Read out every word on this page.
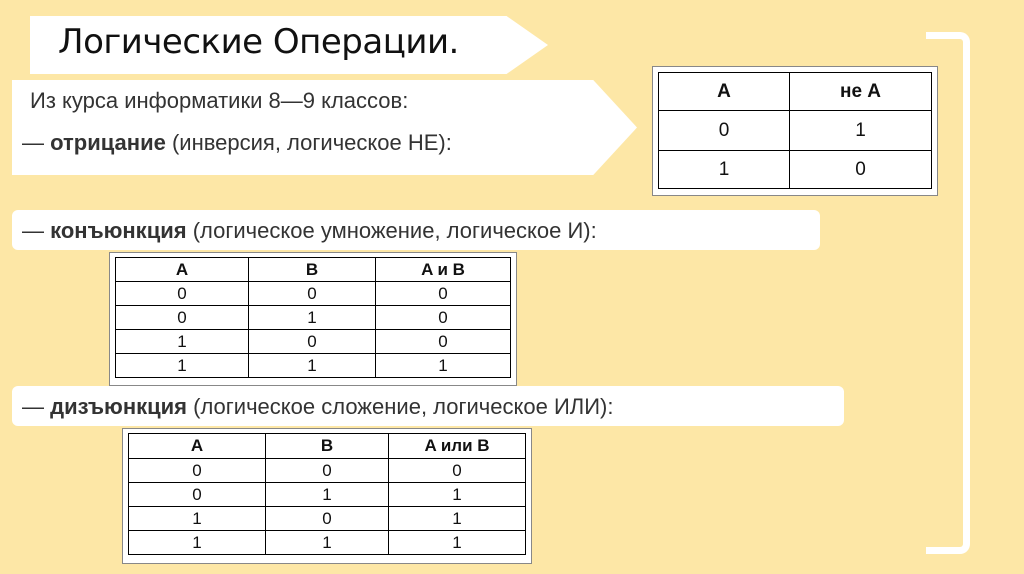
Логические Операции.
Из курса информатики 8—9 классов:
— отрицание (инверсия, логическое НЕ):
A	не A
0	1
1	0
— конъюнкция (логическое умножение, логическое И):
A	B	A и B
0	0	0
0	1	0
1	0	0
1	1	1
— дизъюнкция (логическое сложение, логическое ИЛИ):
A	B	A или B
0	0	0
0	1	1
1	0	1
1	1	1
